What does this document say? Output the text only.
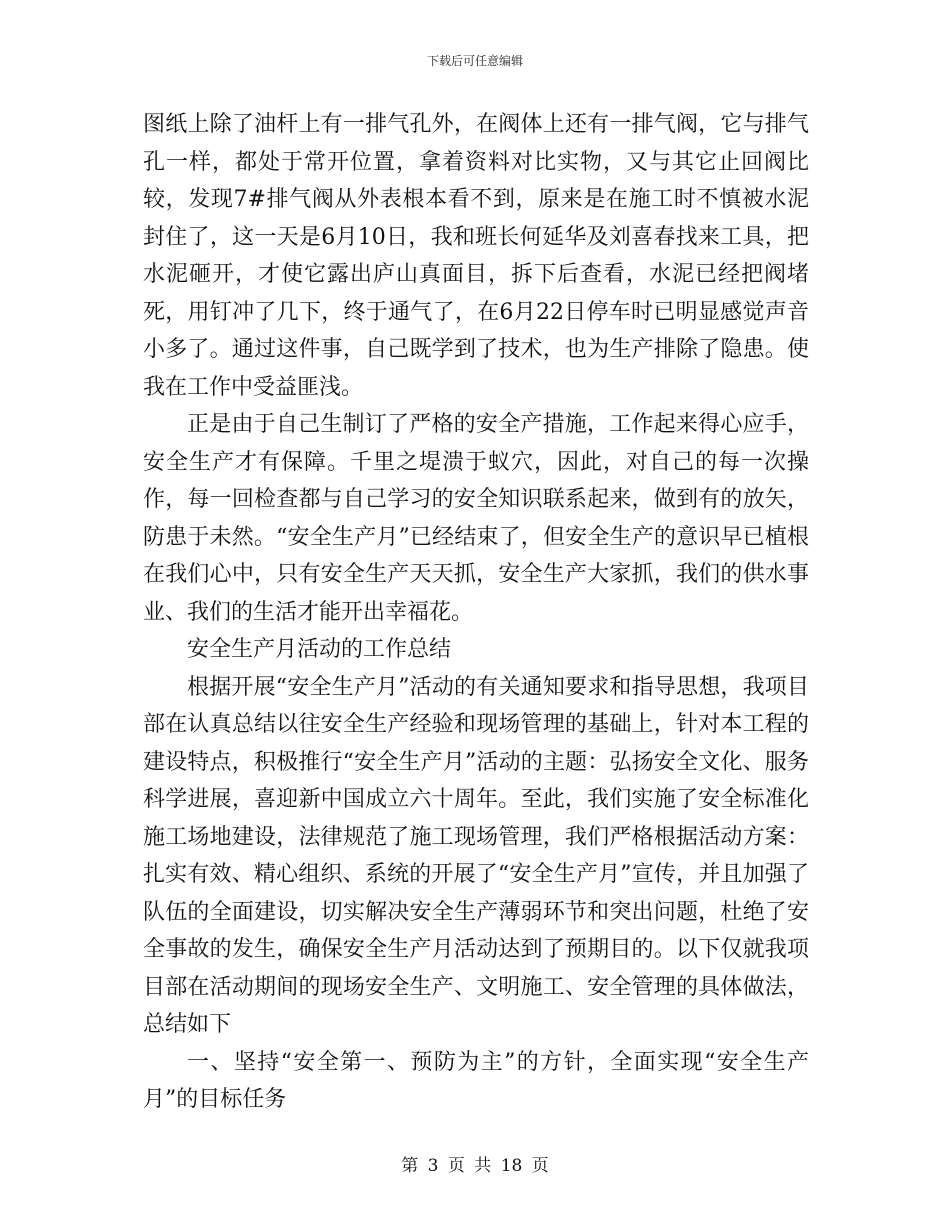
下载后可任意编辑

图纸上除了油杆上有一排气孔外，在阀体上还有一排气阀，它与排气孔一样，都处于常开位置，拿着资料对比实物，又与其它止回阀比较，发现7#排气阀从外表根本看不到，原来是在施工时不慎被水泥封住了，这一天是6月10日，我和班长何延华及刘喜春找来工具，把水泥砸开，才使它露出庐山真面目，拆下后查看，水泥已经把阀堵死，用钉冲了几下，终于通气了，在6月22日停车时已明显感觉声音小多了。通过这件事，自己既学到了技术，也为生产排除了隐患。使我在工作中受益匪浅。

正是由于自己生制订了严格的安全产措施，工作起来得心应手，安全生产才有保障。千里之堤溃于蚁穴，因此，对自己的每一次操作，每一回检查都与自己学习的安全知识联系起来，做到有的放矢，防患于未然。“安全生产月”已经结束了，但安全生产的意识早已植根在我们心中，只有安全生产天天抓，安全生产大家抓，我们的供水事业、我们的生活才能开出幸福花。

安全生产月活动的工作总结

根据开展“安全生产月”活动的有关通知要求和指导思想，我项目部在认真总结以往安全生产经验和现场管理的基础上，针对本工程的建设特点，积极推行“安全生产月”活动的主题：弘扬安全文化、服务科学进展，喜迎新中国成立六十周年。至此，我们实施了安全标准化施工场地建设，法律规范了施工现场管理，我们严格根据活动方案：扎实有效、精心组织、系统的开展了“安全生产月”宣传，并且加强了队伍的全面建设，切实解决安全生产薄弱环节和突出问题，杜绝了安全事故的发生，确保安全生产月活动达到了预期目的。以下仅就我项目部在活动期间的现场安全生产、文明施工、安全管理的具体做法，总结如下

一、坚持“安全第一、预防为主”的方针，全面实现“安全生产月”的目标任务

第 3 页 共 18 页
